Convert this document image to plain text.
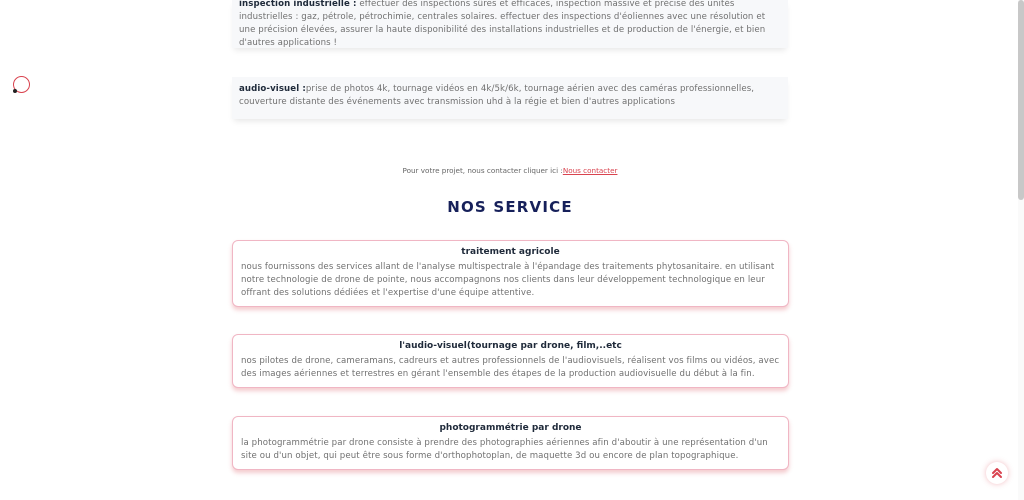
inspection industrielle : effectuer des inspections sûres et efficaces, inspection massive et précise des unités industrielles : gaz, pétrole, pétrochimie, centrales solaires. effectuer des inspections d'éoliennes avec une résolution et une précision élevées, assurer la haute disponibilité des installations industrielles et de production de l'énergie, et bien d'autres applications !
audio-visuel :prise de photos 4k, tournage vidéos en 4k/5k/6k, tournage aérien avec des caméras professionnelles, couverture distante des événements avec transmission uhd à la régie et bien d'autres applications
Pour votre projet, nous contacter cliquer ici :Nous contacter
NOS SERVICE
traitement agricole
nous fournissons des services allant de l'analyse multispectrale à l'épandage des traitements phytosanitaire. en utilisant notre technologie de drone de pointe, nous accompagnons nos clients dans leur développement technologique en leur offrant des solutions dédiées et l'expertise d'une équipe attentive.
l'audio-visuel(tournage par drone, film,..etc
nos pilotes de drone, cameramans, cadreurs et autres professionnels de l'audiovisuels, réalisent vos films ou vidéos, avec des images aériennes et terrestres en gérant l'ensemble des étapes de la production audiovisuelle du début à la fin.
photogrammétrie par drone
la photogrammétrie par drone consiste à prendre des photographies aériennes afin d'aboutir à une représentation d'un site ou d'un objet, qui peut être sous forme d'orthophotoplan, de maquette 3d ou encore de plan topographique.
